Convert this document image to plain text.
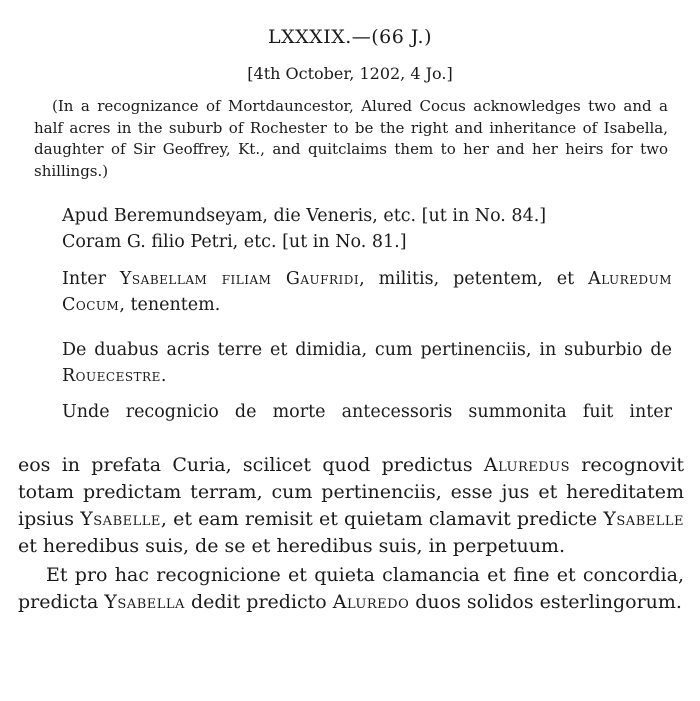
LXXXIX.—(66 J.)
[4th October, 1202, 4 Jo.]

(In a recognizance of Mortdauncestor, Alured Cocus acknowledges two and a half acres in the suburb of Rochester to be the right and inheritance of Isabella, daughter of Sir Geoffrey, Kt., and quitclaims them to her and her heirs for two shillings.)

Apud Beremundseyam, die Veneris, etc. [ut in No. 84.]
Coram G. filio Petri, etc. [ut in No. 81.]

Inter Ysabellam filiam Gaufridi, militis, petentem, et Aluredum Cocum, tenentem.

De duabus acris terre et dimidia, cum pertinenciis, in suburbio de Rouecestre.

Unde recognicio de morte antecessoris summonita fuit inter

eos in prefata Curia, scilicet quod predictus Aluredus recognovit totam predictam terram, cum pertinenciis, esse jus et hereditatem ipsius Ysabelle, et eam remisit et quietam clamavit predicte Ysabelle et heredibus suis, de se et heredibus suis, in perpetuum.

Et pro hac recognicione et quieta clamancia et fine et concordia, predicta Ysabella dedit predicto Aluredo duos solidos esterlingorum.
